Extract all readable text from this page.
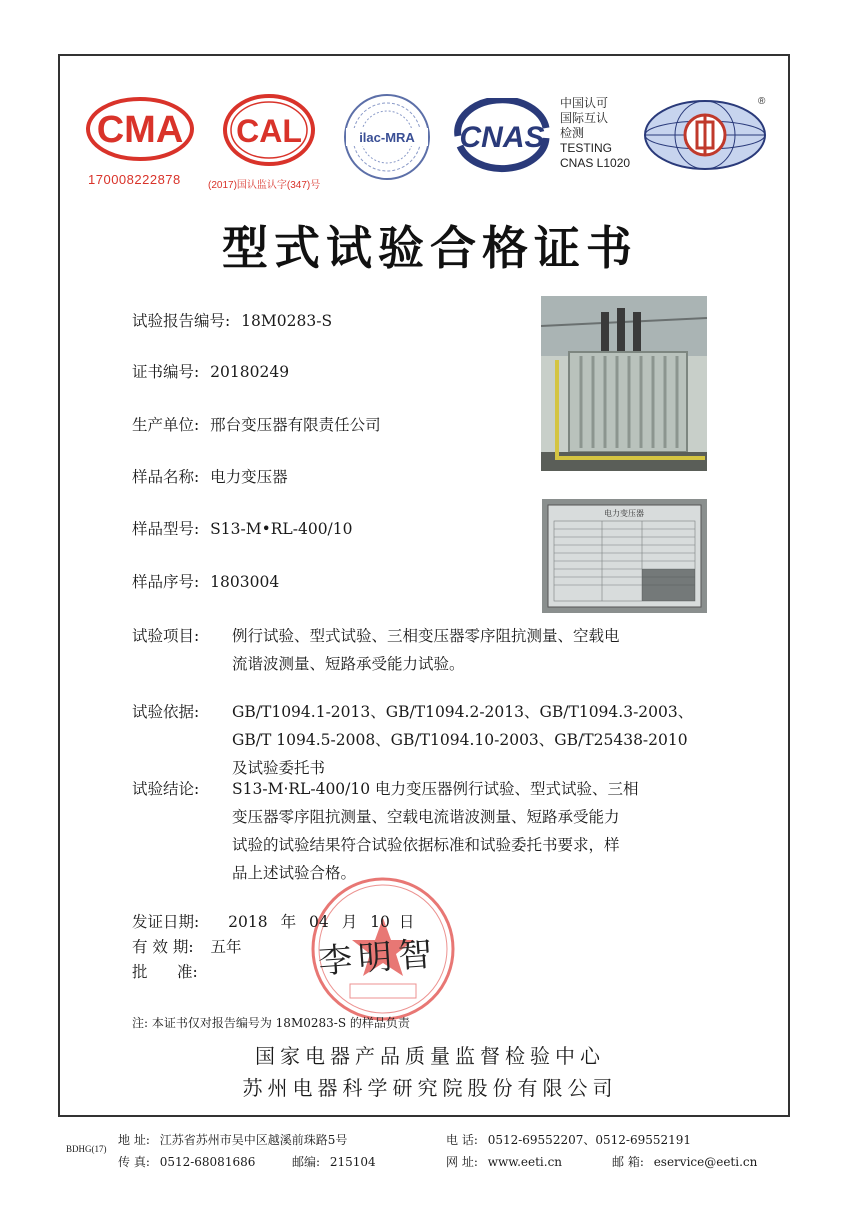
CMA
170008222878
CAL
(2017)国认监认字(347)号
ilac-MRA CNAS
中国认可
国际互认
检测
TESTING
CNAS L1020
®
型式试验合格证书
试验报告编号: 18M0283-S
证书编号: 20180249
生产单位: 邢台变压器有限责任公司
样品名称: 电力变压器
样品型号: S13-M•RL-400/10
样品序号: 1803004
电力变压器
试验项目: 例行试验、型式试验、三相变压器零序阻抗测量、空载电
流谐波测量、短路承受能力试验。
试验依据: GB/T1094.1-2013、GB/T1094.2-2013、GB/T1094.3-2003、
GB/T 1094.5-2008、GB/T1094.10-2003、GB/T25438-2010
及试验委托书
试验结论: S13-M·RL-400/10 电力变压器例行试验、型式试验、三相
变压器零序阻抗测量、空载电流谐波测量、短路承受能力
试验的试验结果符合试验依据标准和试验委托书要求，样
品上述试验合格。
发证日期: 2018 年 04 月 10 日
有 效 期: 五年
批      准:	李明智
注: 本证书仅对报告编号为 18M0283-S 的样品负责
国家电器产品质量监督检验中心
苏州电器科学研究院股份有限公司
BDHG(17)
地 址: 江苏省苏州市吴中区越溪前珠路5号	电 话: 0512-69552207、0512-69552191
传 真: 0512-68081686	邮编: 215104	网 址: www.eeti.cn	邮 箱: eservice@eeti.cn
